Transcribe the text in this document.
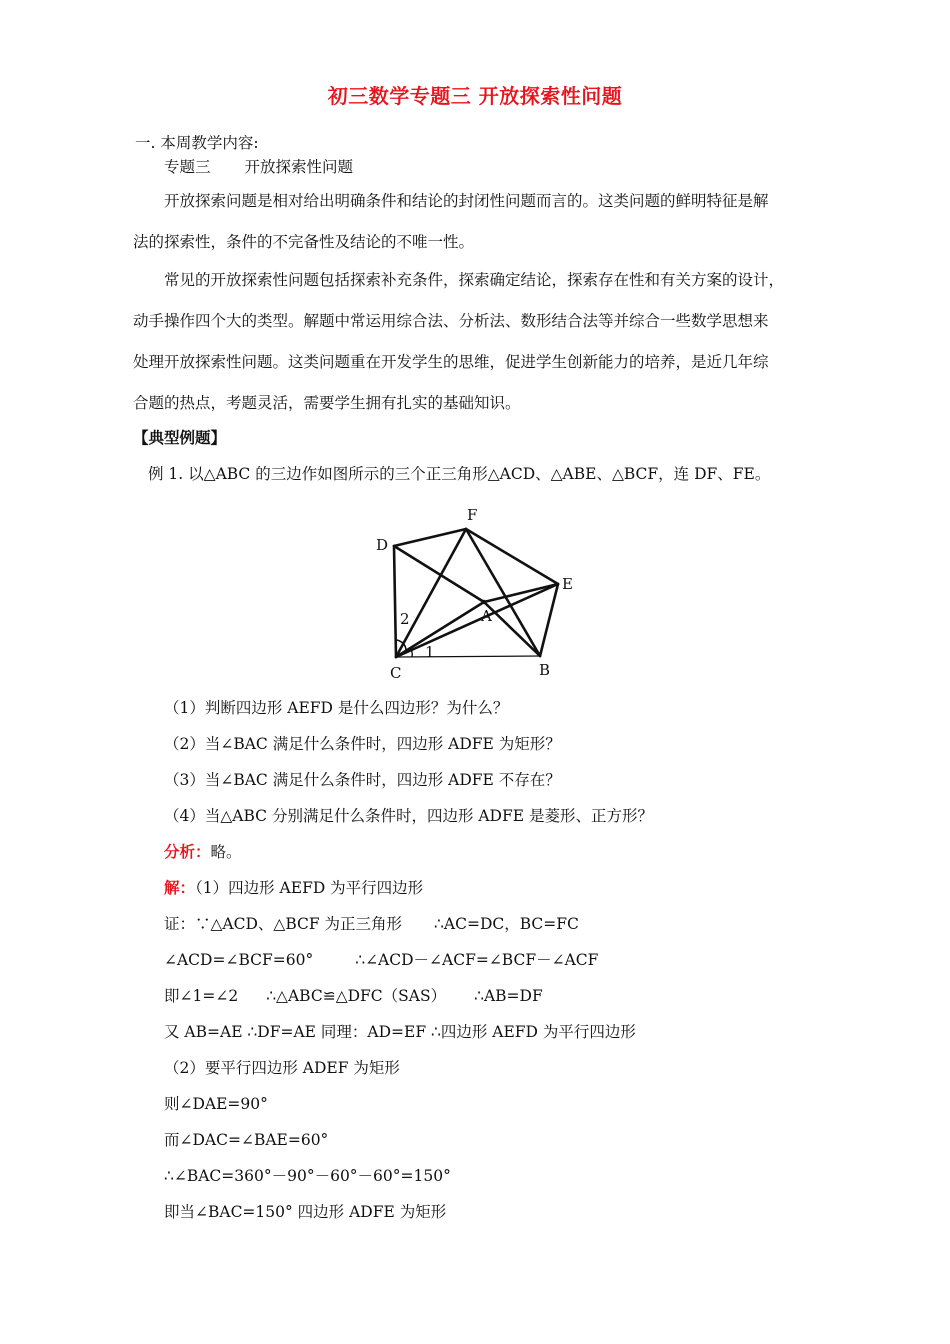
初三数学专题三 开放探索性问题
一. 本周教学内容:
专题三 开放探索性问题
开放探索问题是相对给出明确条件和结论的封闭性问题而言的。这类问题的鲜明特征是解
法的探索性，条件的不完备性及结论的不唯一性。
常见的开放探索性问题包括探索补充条件，探索确定结论，探索存在性和有关方案的设计，
动手操作四个大的类型。解题中常运用综合法、分析法、数形结合法等并综合一些数学思想来
处理开放探索性问题。这类问题重在开发学生的思维，促进学生创新能力的培养，是近几年综
合题的热点，考题灵活，需要学生拥有扎实的基础知识。
【典型例题】
例 1. 以△ABC 的三边作如图所示的三个正三角形△ACD、△ABE、△BCF，连 DF、FE。
F
D
E
A
B
C
1
2
（1）判断四边形 AEFD 是什么四边形？为什么？
（2）当∠BAC 满足什么条件时，四边形 ADFE 为矩形？
（3）当∠BAC 满足什么条件时，四边形 ADFE 不存在？
（4）当△ABC 分别满足什么条件时，四边形 ADFE 是菱形、正方形？
分析：略。
解：（1）四边形 AEFD 为平行四边形
证：∵△ACD、△BCF 为正三角形 ∴AC=DC，BC=FC
∠ACD=∠BCF=60°	∴∠ACD－∠ACF=∠BCF－∠ACF
即∠1=∠2 ∴△ABC≌△DFC（SAS） ∴AB=DF
又 AB=AE ∴DF=AE 同理：AD=EF ∴四边形 AEFD 为平行四边形
（2）要平行四边形 ADEF 为矩形
则∠DAE=90°
而∠DAC=∠BAE=60°
∴∠BAC=360°－90°－60°－60°=150°
即当∠BAC=150° 四边形 ADFE 为矩形
